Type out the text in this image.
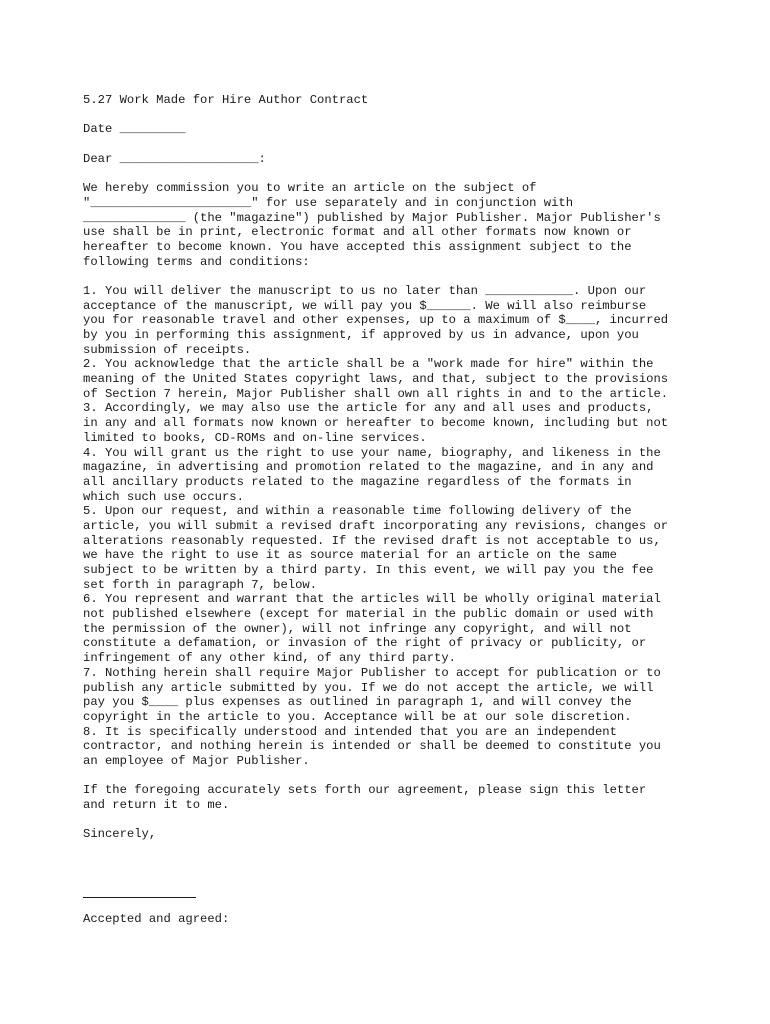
5.27 Work Made for Hire Author Contract
Date _________
Dear ___________________:
We hereby commission you to write an article on the subject of
"______________________" for use separately and in conjunction with
______________ (the "magazine") published by Major Publisher. Major Publisher's
use shall be in print, electronic format and all other formats now known or
hereafter to become known. You have accepted this assignment subject to the
following terms and conditions:
1. You will deliver the manuscript to us no later than ____________. Upon our
acceptance of the manuscript, we will pay you $______. We will also reimburse
you for reasonable travel and other expenses, up to a maximum of $____, incurred
by you in performing this assignment, if approved by us in advance, upon you
submission of receipts.
2. You acknowledge that the article shall be a "work made for hire" within the
meaning of the United States copyright laws, and that, subject to the provisions
of Section 7 herein, Major Publisher shall own all rights in and to the article.
3. Accordingly, we may also use the article for any and all uses and products,
in any and all formats now known or hereafter to become known, including but not
limited to books, CD-ROMs and on-line services.
4. You will grant us the right to use your name, biography, and likeness in the
magazine, in advertising and promotion related to the magazine, and in any and
all ancillary products related to the magazine regardless of the formats in
which such use occurs.
5. Upon our request, and within a reasonable time following delivery of the
article, you will submit a revised draft incorporating any revisions, changes or
alterations reasonably requested. If the revised draft is not acceptable to us,
we have the right to use it as source material for an article on the same
subject to be written by a third party. In this event, we will pay you the fee
set forth in paragraph 7, below.
6. You represent and warrant that the articles will be wholly original material
not published elsewhere (except for material in the public domain or used with
the permission of the owner), will not infringe any copyright, and will not
constitute a defamation, or invasion of the right of privacy or publicity, or
infringement of any other kind, of any third party.
7. Nothing herein shall require Major Publisher to accept for publication or to
publish any article submitted by you. If we do not accept the article, we will
pay you $____ plus expenses as outlined in paragraph 1, and will convey the
copyright in the article to you. Acceptance will be at our sole discretion.
8. It is specifically understood and intended that you are an independent
contractor, and nothing herein is intended or shall be deemed to constitute you
an employee of Major Publisher.
If the foregoing accurately sets forth our agreement, please sign this letter
and return it to me.
Sincerely,
Accepted and agreed:
